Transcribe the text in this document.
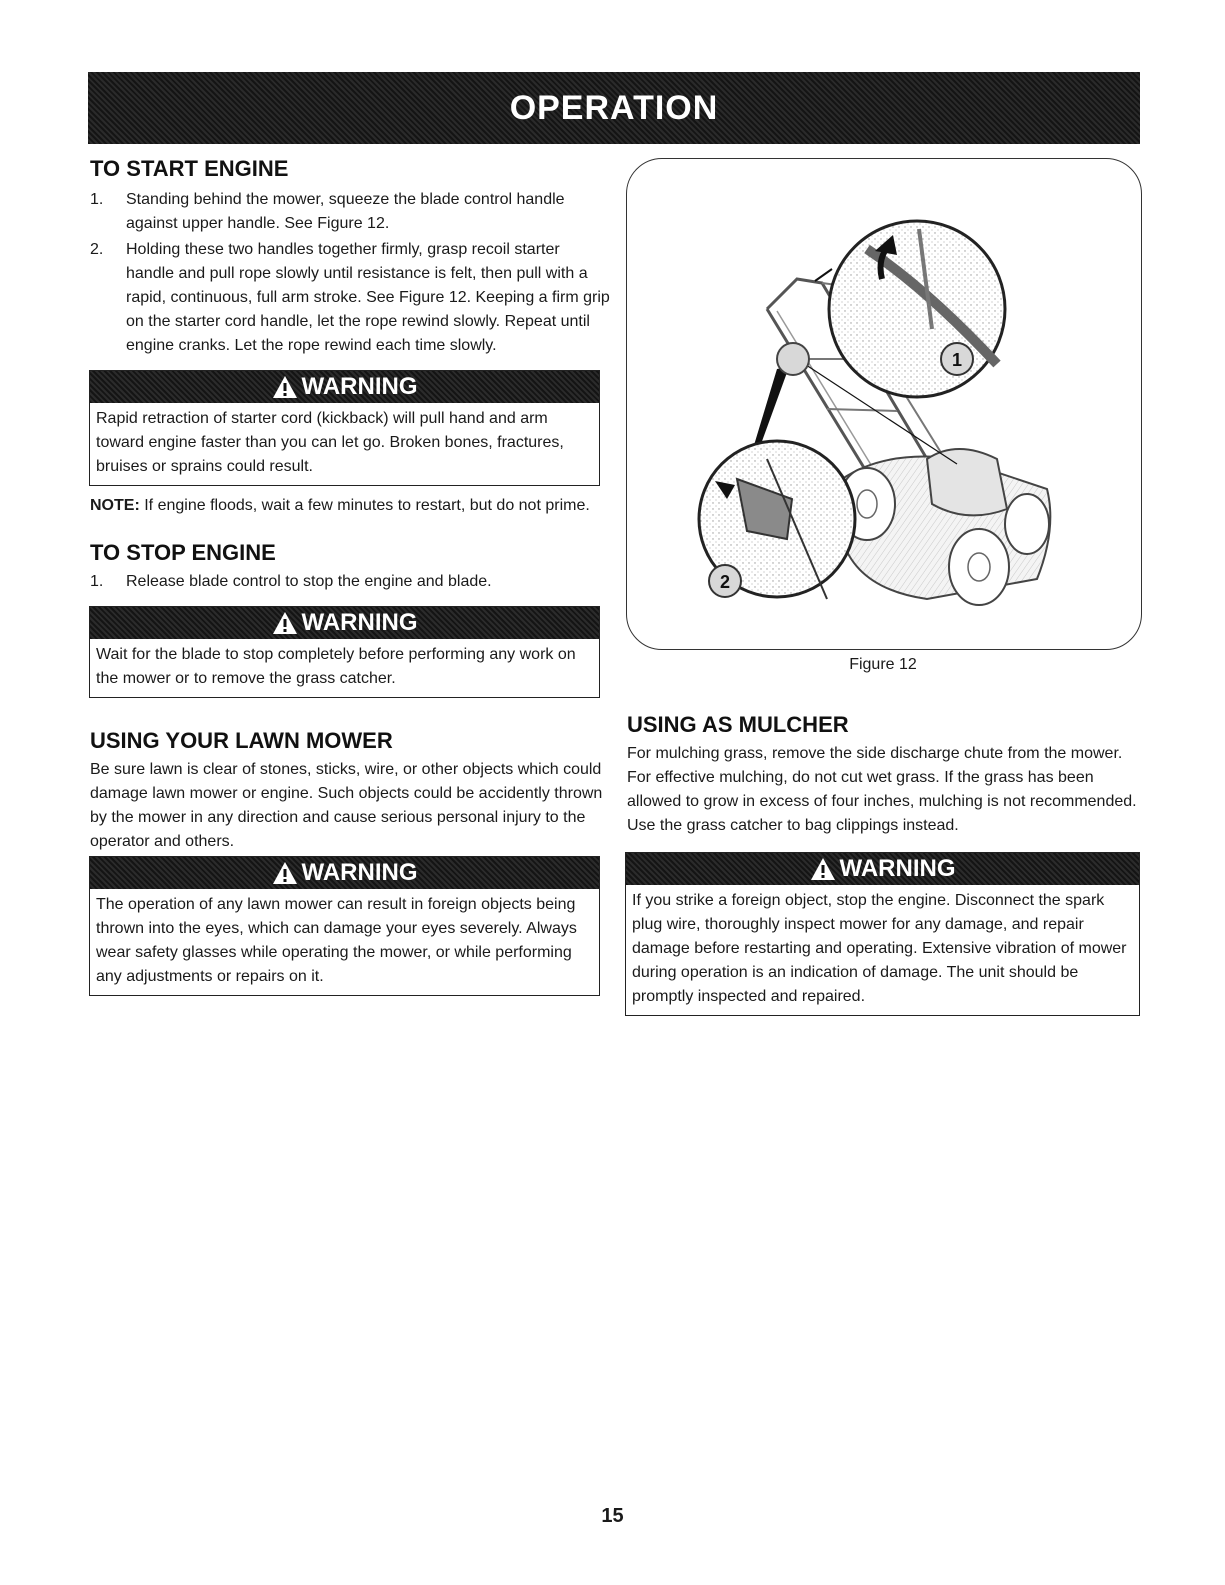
OPERATION
TO START ENGINE
1. Standing behind the mower, squeeze the blade control handle against upper handle. See Figure 12.
2. Holding these two handles together firmly, grasp recoil starter handle and pull rope slowly until resistance is felt, then pull with a rapid, continuous, full arm stroke. See Figure 12. Keeping a firm grip on the starter cord handle, let the rope rewind slowly. Repeat until engine cranks. Let the rope rewind each time slowly.
WARNING
Rapid retraction of starter cord (kickback) will pull hand and arm toward engine faster than you can let go. Broken bones, fractures, bruises or sprains could result.

NOTE: If engine floods, wait a few minutes to restart, but do not prime.

TO STOP ENGINE
1. Release blade control to stop the engine and blade.
WARNING
Wait for the blade to stop completely before performing any work on the mower or to remove the grass catcher.
USING YOUR LAWN MOWER

Be sure lawn is clear of stones, sticks, wire, or other objects which could damage lawn mower or engine. Such objects could be accidently thrown by the mower in any direction and cause serious personal injury to the operator and others.

WARNING
The operation of any lawn mower can result in foreign objects being thrown into the eyes, which can damage your eyes severely. Always wear safety glasses while operating the mower, or while performing any adjustments or repairs on it.
1
2
Figure 12
USING AS MULCHER

For mulching grass, remove the side discharge chute from the mower. For effective mulching, do not cut wet grass. If the grass has been allowed to grow in excess of four inches, mulching is not recommended. Use the grass catcher to bag clippings instead.

WARNING
If you strike a foreign object, stop the engine. Disconnect the spark plug wire, thoroughly inspect mower for any damage, and repair damage before restarting and operating. Extensive vibration of mower during operation is an indication of damage. The unit should be promptly inspected and repaired.
15
